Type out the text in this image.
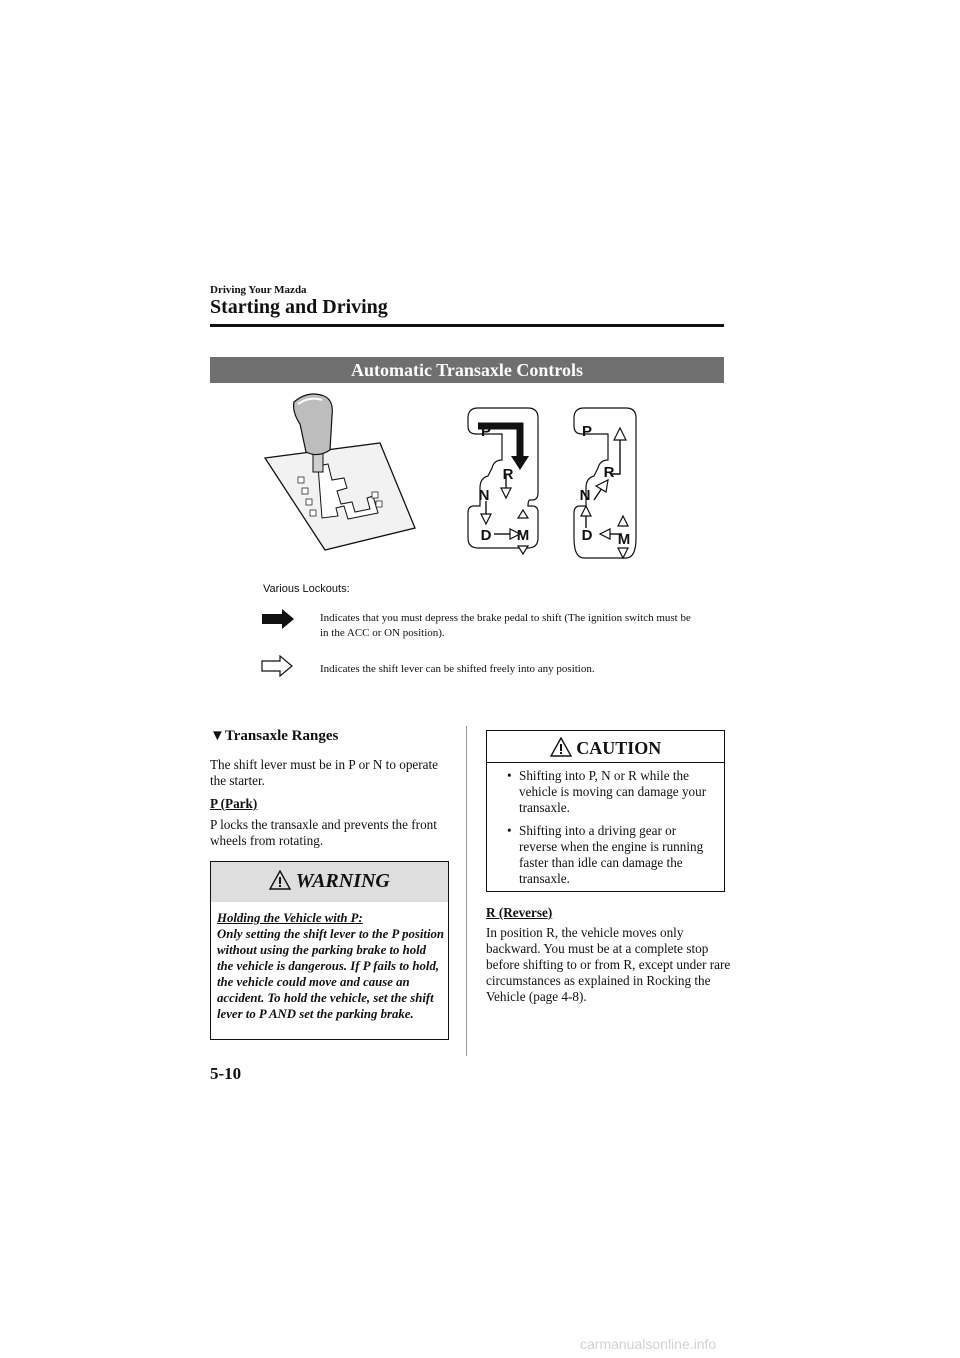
Driving Your Mazda
Starting and Driving
Automatic Transaxle Controls
P
R
N
D M
P
R
N
D M
Various Lockouts:
Indicates that you must depress the brake pedal to shift (The ignition switch must be in the ACC or ON position).
Indicates the shift lever can be shifted freely into any position.
▼Transaxle Ranges
The shift lever must be in P or N to operate the starter.
P (Park)
P locks the transaxle and prevents the front wheels from rotating.
WARNING
Holding the Vehicle with P:
Only setting the shift lever to the P position without using the parking brake to hold the vehicle is dangerous. If P fails to hold, the vehicle could move and cause an accident. To hold the vehicle, set the shift lever to P AND set the parking brake.
CAUTION
• Shifting into P, N or R while the vehicle is moving can damage your transaxle.
• Shifting into a driving gear or reverse when the engine is running faster than idle can damage the transaxle.
R (Reverse)
In position R, the vehicle moves only backward. You must be at a complete stop before shifting to or from R, except under rare circumstances as explained in Rocking the Vehicle (page 4-8).
5-10
carmanualsonline.info
